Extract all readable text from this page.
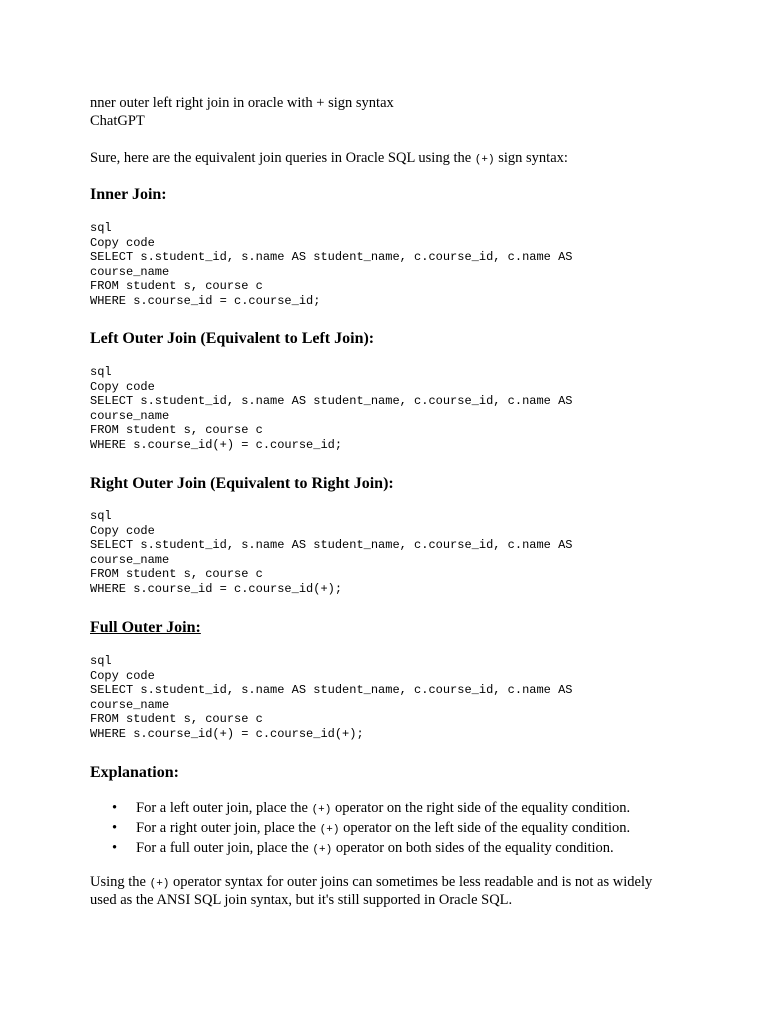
nner outer left right join in oracle with + sign syntax
ChatGPT
Sure, here are the equivalent join queries in Oracle SQL using the (+) sign syntax:
Inner Join:
sql
Copy code
SELECT s.student_id, s.name AS student_name, c.course_id, c.name AS
course_name
FROM student s, course c
WHERE s.course_id = c.course_id;
Left Outer Join (Equivalent to Left Join):
sql
Copy code
SELECT s.student_id, s.name AS student_name, c.course_id, c.name AS
course_name
FROM student s, course c
WHERE s.course_id(+) = c.course_id;
Right Outer Join (Equivalent to Right Join):
sql
Copy code
SELECT s.student_id, s.name AS student_name, c.course_id, c.name AS
course_name
FROM student s, course c
WHERE s.course_id = c.course_id(+);
Full Outer Join:
sql
Copy code
SELECT s.student_id, s.name AS student_name, c.course_id, c.name AS
course_name
FROM student s, course c
WHERE s.course_id(+) = c.course_id(+);
Explanation:
• For a left outer join, place the (+) operator on the right side of the equality condition.
• For a right outer join, place the (+) operator on the left side of the equality condition.
• For a full outer join, place the (+) operator on both sides of the equality condition.
Using the (+) operator syntax for outer joins can sometimes be less readable and is not as widely
used as the ANSI SQL join syntax, but it's still supported in Oracle SQL.
